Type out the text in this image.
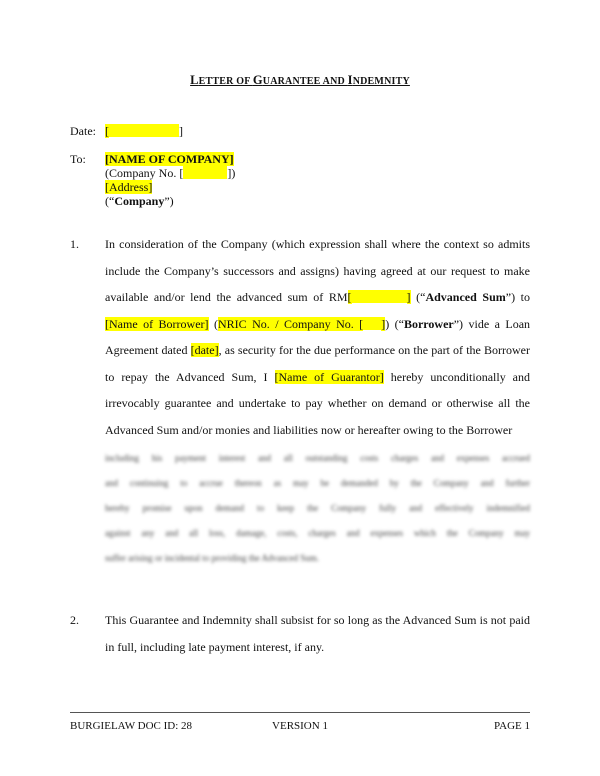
LETTER OF GUARANTEE AND INDEMNITY
Date: [	]
To: [NAME OF COMPANY]
(Company No. [	])
[Address]
(“Company”)
1. In consideration of the Company (which expression shall where the context so admits
include the Company’s successors and assigns) having agreed at our request to make
available and/or lend the advanced sum of RM[	] (“Advanced Sum”) to
[Name of Borrower] (NRIC No. / Company No. [ ]) (“Borrower”) vide a Loan
Agreement dated [date], as security for the due performance on the part of the Borrower
to repay the Advanced Sum, I [Name of Guarantor] hereby unconditionally and
irrevocably guarantee and undertake to pay whether on demand or otherwise all the
Advanced Sum and/or monies and liabilities now or hereafter owing to the Borrower
including his payment interest and all outstanding costs charges and expenses accrued
and continuing to accrue thereon as may be demanded by the Company and further
hereby promise upon demand to keep the Company fully and effectively indemnified
against any and all loss, damage, costs, charges and expenses which the Company may
suffer arising or incidental to providing the Advanced Sum.
2. This Guarantee and Indemnity shall subsist for so long as the Advanced Sum is not paid
in full, including late payment interest, if any.
BURGIELAW DOC ID: 28	VERSION 1	PAGE 1
